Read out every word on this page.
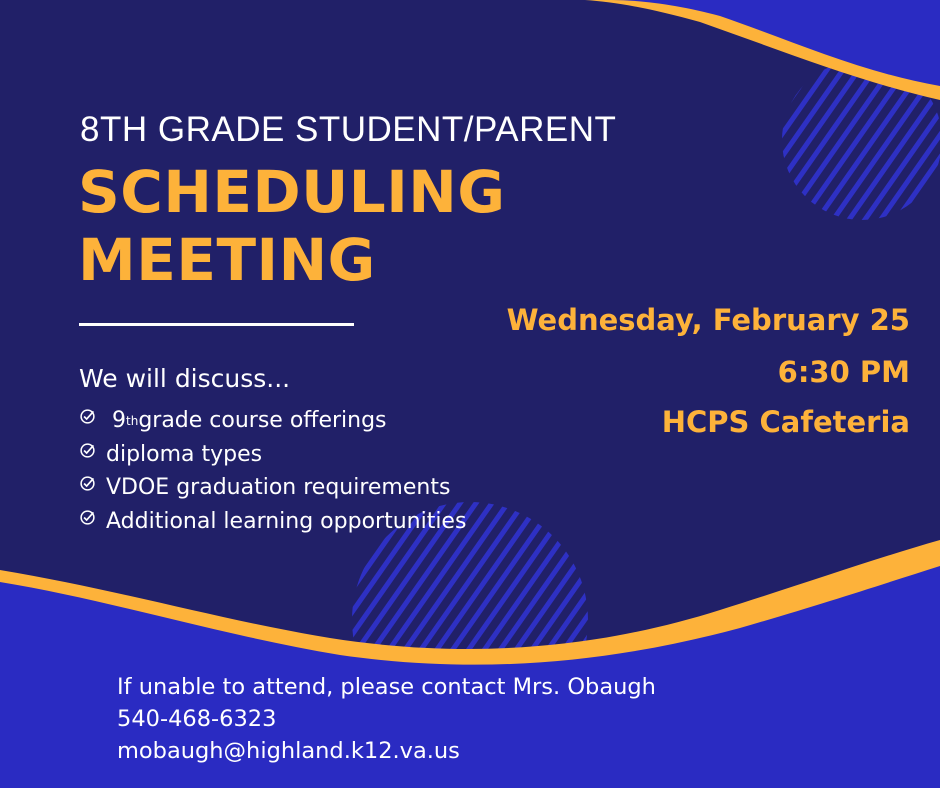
8TH GRADE STUDENT/PARENT
SCHEDULING
MEETING
We will discuss...
9 th grade course offerings
diploma types
VDOE graduation requirements
Additional learning opportunities
Wednesday, February 25
6:30 PM
HCPS Cafeteria
If unable to attend, please contact Mrs. Obaugh
540-468-6323
mobaugh@highland.k12.va.us
